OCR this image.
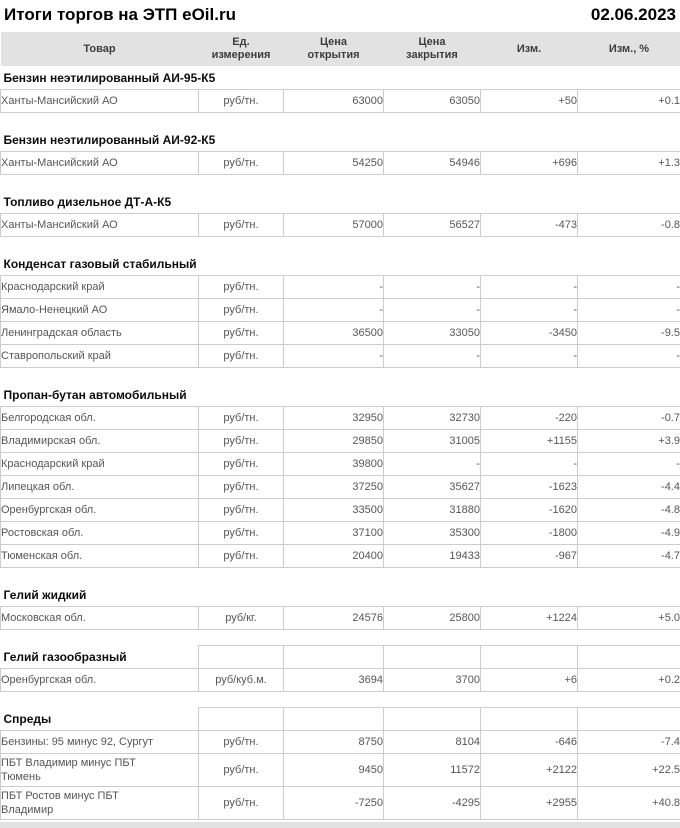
Итоги торгов на ЭТП eOil.ru	02.06.2023
Товар	Ед. измерения	Цена открытия	Цена закрытия	Изм.	Изм., %
Бензин неэтилированный АИ-95-К5					
Ханты-Мансийский АО	руб/тн.	63000	63050	+50	+0.1

Бензин неэтилированный АИ-92-К5					
Ханты-Мансийский АО	руб/тн.	54250	54946	+696	+1.3

Топливо дизельное ДТ-А-К5					
Ханты-Мансийский АО	руб/тн.	57000	56527	-473	-0.8

Конденсат газовый стабильный					
Краснодарский край	руб/тн.	-	-	-	-
Ямало-Ненецкий АО	руб/тн.	-	-	-	-
Ленинградская область	руб/тн.	36500	33050	-3450	-9.5
Ставропольский край	руб/тн.	-	-	-	-

Пропан-бутан автомобильный					
Белгородская обл.	руб/тн.	32950	32730	-220	-0.7
Владимирская обл.	руб/тн.	29850	31005	+1155	+3.9
Краснодарский край	руб/тн.	39800	-	-	-
Липецкая обл.	руб/тн.	37250	35627	-1623	-4.4
Оренбургская обл.	руб/тн.	33500	31880	-1620	-4.8
Ростовская обл.	руб/тн.	37100	35300	-1800	-4.9
Тюменская обл.	руб/тн.	20400	19433	-967	-4.7

Гелий жидкий					
Московская обл.	руб/кг.	24576	25800	+1224	+5.0

Гелий газообразный					
Оренбургская обл.	руб/куб.м.	3694	3700	+6	+0.2

Спреды					
Бензины: 95 минус 92, Сургут	руб/тн.	8750	8104	-646	-7.4
ПБТ Владимир минус ПБТ Тюмень	руб/тн.	9450	11572	+2122	+22.5
ПБТ Ростов минус ПБТ Владимир	руб/тн.	-7250	-4295	+2955	+40.8
